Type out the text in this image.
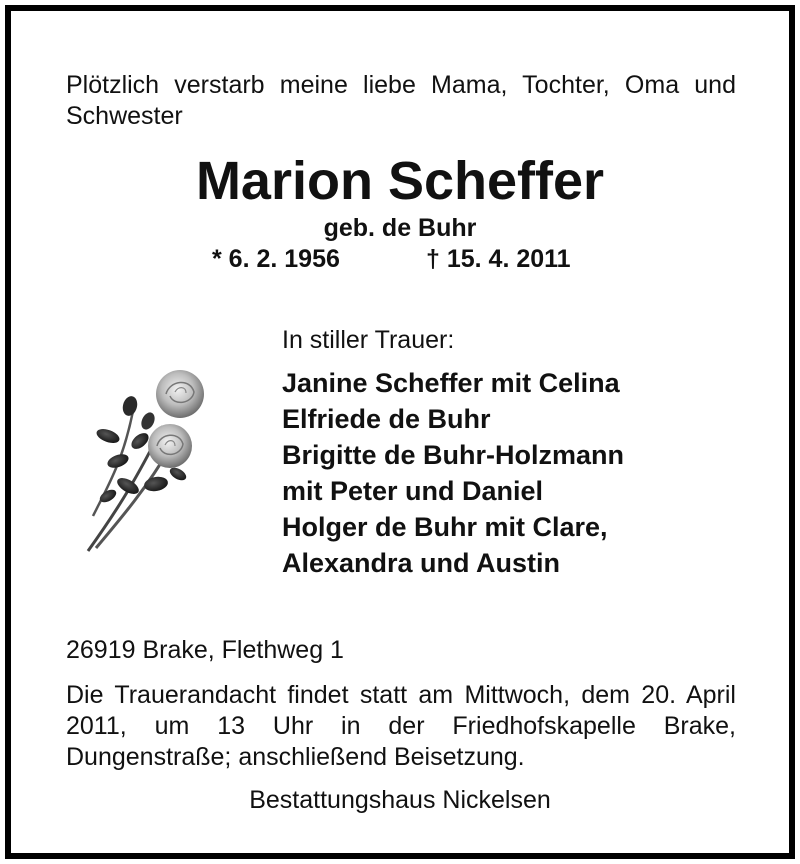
Plötzlich verstarb meine liebe Mama, Tochter, Oma und Schwester
Marion Scheffer
geb. de Buhr
* 6. 2. 1956	† 15. 4. 2011
In stiller Trauer:
Janine Scheffer mit Celina
Elfriede de Buhr
Brigitte de Buhr-Holzmann
mit Peter und Daniel
Holger de Buhr mit Clare,
Alexandra und Austin
26919 Brake, Flethweg 1
Die Trauerandacht findet statt am Mittwoch, dem 20. April 2011, um 13 Uhr in der Friedhofskapelle Brake, Dungenstraße; anschließend Beisetzung.
Bestattungshaus Nickelsen
